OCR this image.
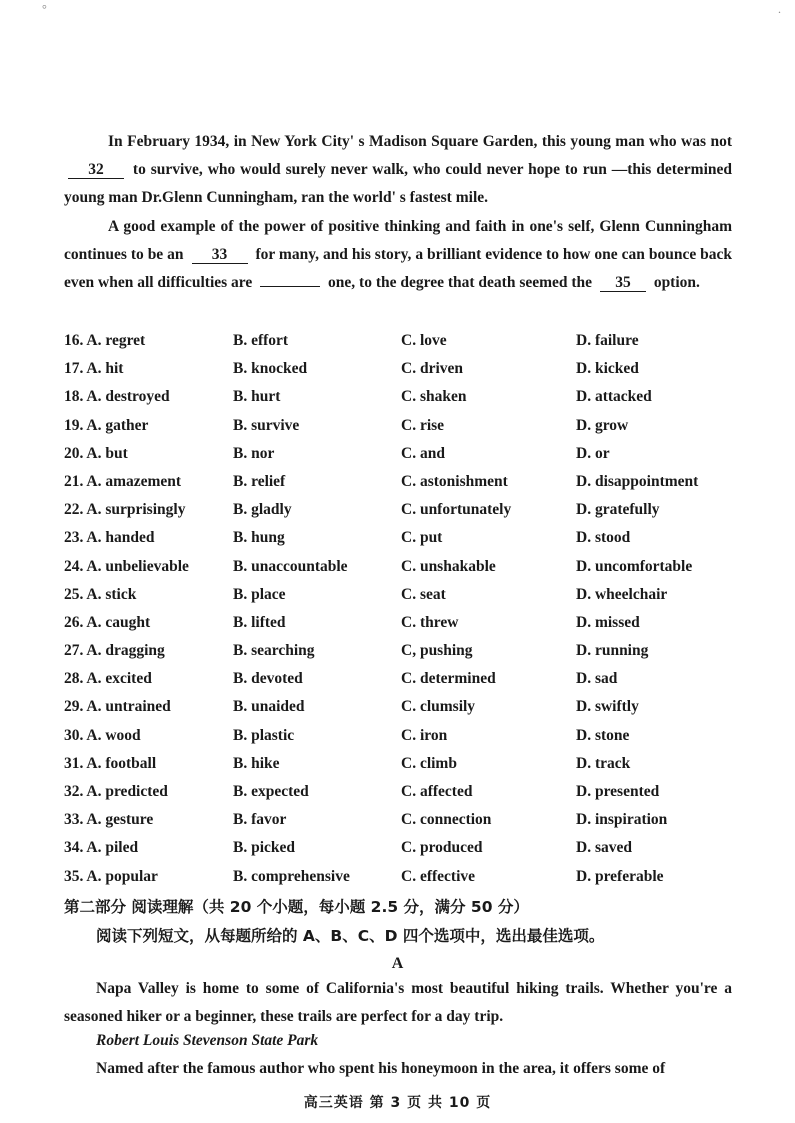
°	.

In February 1934, in New York City' s Madison Square Garden, this young man who was not 32 to survive, who would surely never walk, who could never hope to run —this determined young man Dr.Glenn Cunningham, ran the world' s fastest mile.

A good example of the power of positive thinking and faith in one's self, Glenn Cunningham continues to be an 33 for many, and his story, a brilliant evidence to how one can bounce back even when all difficulties are	one, to the degree that death seemed the 35 option.

16. A. regret	B. effort	C. love	D. failure
17. A. hit	B. knocked	C. driven	D. kicked
18. A. destroyed	B. hurt	C. shaken	D. attacked
19. A. gather	B. survive	C. rise	D. grow
20. A. but	B. nor	C. and	D. or
21. A. amazement	B. relief	C. astonishment	D. disappointment
22. A. surprisingly	B. gladly	C. unfortunately	D. gratefully
23. A. handed	B. hung	C. put	D. stood
24. A. unbelievable	B. unaccountable	C. unshakable	D. uncomfortable
25. A. stick	B. place	C. seat	D. wheelchair
26. A. caught	B. lifted	C. threw	D. missed
27. A. dragging	B. searching	C, pushing	D. running
28. A. excited	B. devoted	C. determined	D. sad
29. A. untrained	B. unaided	C. clumsily	D. swiftly
30. A. wood	B. plastic	C. iron	D. stone
31. A. football	B. hike	C. climb	D. track
32. A. predicted	B. expected	C. affected	D. presented
33. A. gesture	B. favor	C. connection	D. inspiration
34. A. piled	B. picked	C. produced	D. saved
35. A. popular	B. comprehensive	C. effective	D. preferable
第二部分 阅读理解（共 20 个小题，每小题 2.5 分，满分 50 分）
阅读下列短文，从每题所给的 A、B、C、D 四个选项中，选出最佳选项。
A

Napa Valley is home to some of California's most beautiful hiking trails. Whether you're a seasoned hiker or a beginner, these trails are perfect for a day trip.

Robert Louis Stevenson State Park

Named after the famous author who spent his honeymoon in the area, it offers some of

高三英语 第 3 页 共 10 页
